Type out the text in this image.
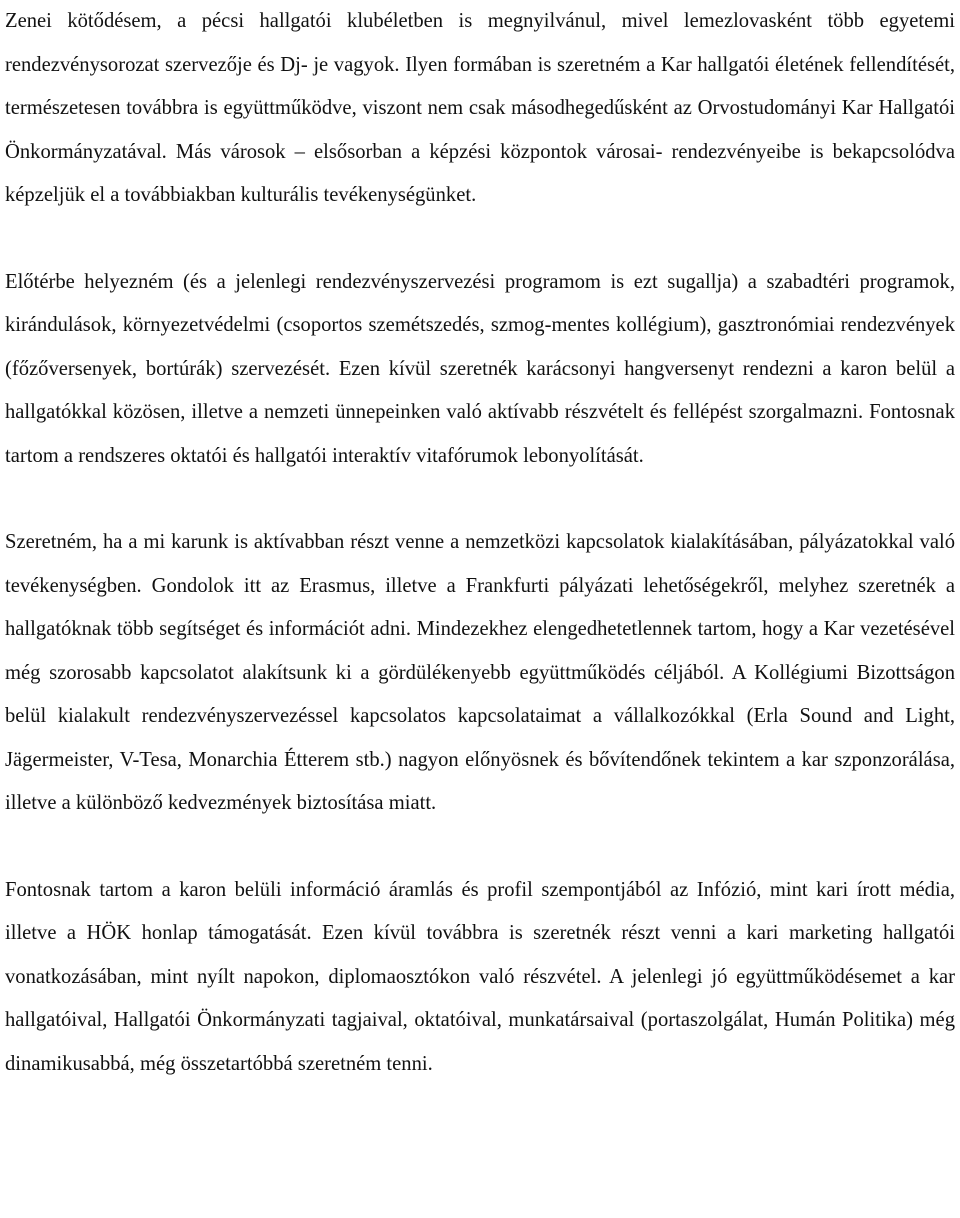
Zenei kötődésem, a pécsi hallgatói klubéletben is megnyilvánul, mivel lemezlovasként több egyetemi rendezvénysorozat szervezője és Dj- je vagyok. Ilyen formában is szeretném a Kar hallgatói életének fellendítését, természetesen továbbra is együttműködve, viszont nem csak másodhegedűsként az Orvostudományi Kar Hallgatói Önkormányzatával. Más városok – elsősorban a képzési központok városai- rendezvényeibe is bekapcsolódva képzeljük el a továbbiakban kulturális tevékenységünket.

Előtérbe helyezném (és a jelenlegi rendezvényszervezési programom is ezt sugallja) a szabadtéri programok, kirándulások, környezetvédelmi (csoportos szemétszedés, szmog-mentes kollégium), gasztronómiai rendezvények (főzőversenyek, bortúrák) szervezését. Ezen kívül szeretnék karácsonyi hangversenyt rendezni a karon belül a hallgatókkal közösen, illetve a nemzeti ünnepeinken való aktívabb részvételt és fellépést szorgalmazni. Fontosnak tartom a rendszeres oktatói és hallgatói interaktív vitafórumok lebonyolítását.

Szeretném, ha a mi karunk is aktívabban részt venne a nemzetközi kapcsolatok kialakításában, pályázatokkal való tevékenységben. Gondolok itt az Erasmus, illetve a Frankfurti pályázati lehetőségekről, melyhez szeretnék a hallgatóknak több segítséget és információt adni. Mindezekhez elengedhetetlennek tartom, hogy a Kar vezetésével még szorosabb kapcsolatot alakítsunk ki a gördülékenyebb együttműködés céljából. A Kollégiumi Bizottságon belül kialakult rendezvényszervezéssel kapcsolatos kapcsolataimat a vállalkozókkal (Erla Sound and Light, Jägermeister, V-Tesa, Monarchia Étterem stb.) nagyon előnyösnek és bővítendőnek tekintem a kar szponzorálása, illetve a különböző kedvezmények biztosítása miatt.

Fontosnak tartom a karon belüli információ áramlás és profil szempontjából az Infózió, mint kari írott média, illetve a HÖK honlap támogatását. Ezen kívül továbbra is szeretnék részt venni a kari marketing hallgatói vonatkozásában, mint nyílt napokon, diplomaosztókon való részvétel. A jelenlegi jó együttműködésemet a kar hallgatóival, Hallgatói Önkormányzati tagjaival, oktatóival, munkatársaival (portaszolgálat, Humán Politika) még dinamikusabbá, még összetartóbbá szeretném tenni.
